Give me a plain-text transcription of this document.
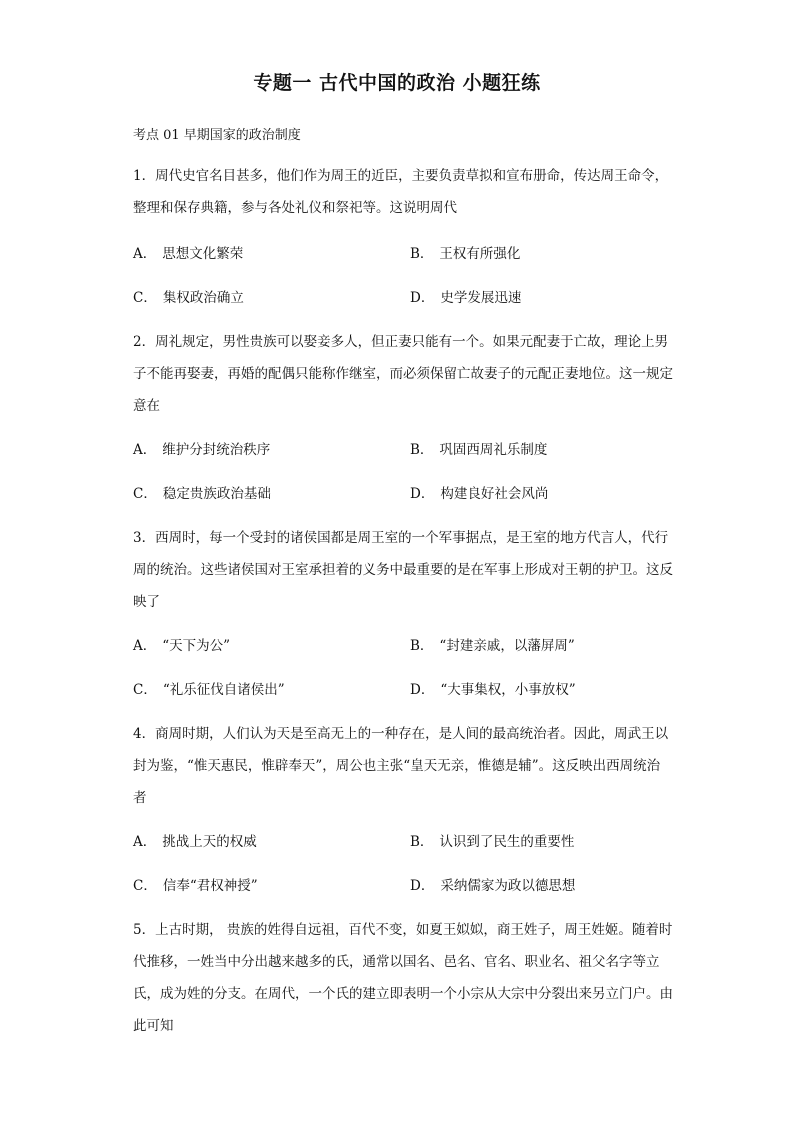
专题一 古代中国的政治 小题狂练
考点 01 早期国家的政治制度

1．周代史官名目甚多，他们作为周王的近臣，主要负责草拟和宣布册命，传达周王命令，整理和保存典籍，参与各处礼仪和祭祀等。这说明周代

A． 思想文化繁荣	B． 王权有所强化
C． 集权政治确立	D． 史学发展迅速

2．周礼规定，男性贵族可以娶妾多人，但正妻只能有一个。如果元配妻于亡故，理论上男子不能再娶妻，再婚的配偶只能称作继室，而必须保留亡故妻子的元配正妻地位。这一规定意在

A． 维护分封统治秩序	B． 巩固西周礼乐制度
C． 稳定贵族政治基础	D． 构建良好社会风尚

3．西周时，每一个受封的诸侯国都是周王室的一个军事据点，是王室的地方代言人，代行周的统治。这些诸侯国对王室承担着的义务中最重要的是在军事上形成对王朝的护卫。这反映了

A． “天下为公”	B． “封建亲戚，以藩屏周”
C． “礼乐征伐自诸侯出”	D． “大事集权，小事放权”

4．商周时期，人们认为天是至高无上的一种存在，是人间的最高统治者。因此，周武王以封为鉴，“惟天惠民，惟辟奉天”，周公也主张“皇天无亲，惟德是辅”。这反映出西周统治者

A． 挑战上天的权威	B． 认识到了民生的重要性
C． 信奉“君权神授”	D． 采纳儒家为政以德思想

5．上古时期， 贵族的姓得自远祖，百代不变，如夏王姒姒，商王姓子，周王姓姬。随着时代推移，一姓当中分出越来越多的氏，通常以国名、邑名、官名、职业名、祖父名字等立氏，成为姓的分支。在周代，一个氏的建立即表明一个小宗从大宗中分裂出来另立门户。由此可知
